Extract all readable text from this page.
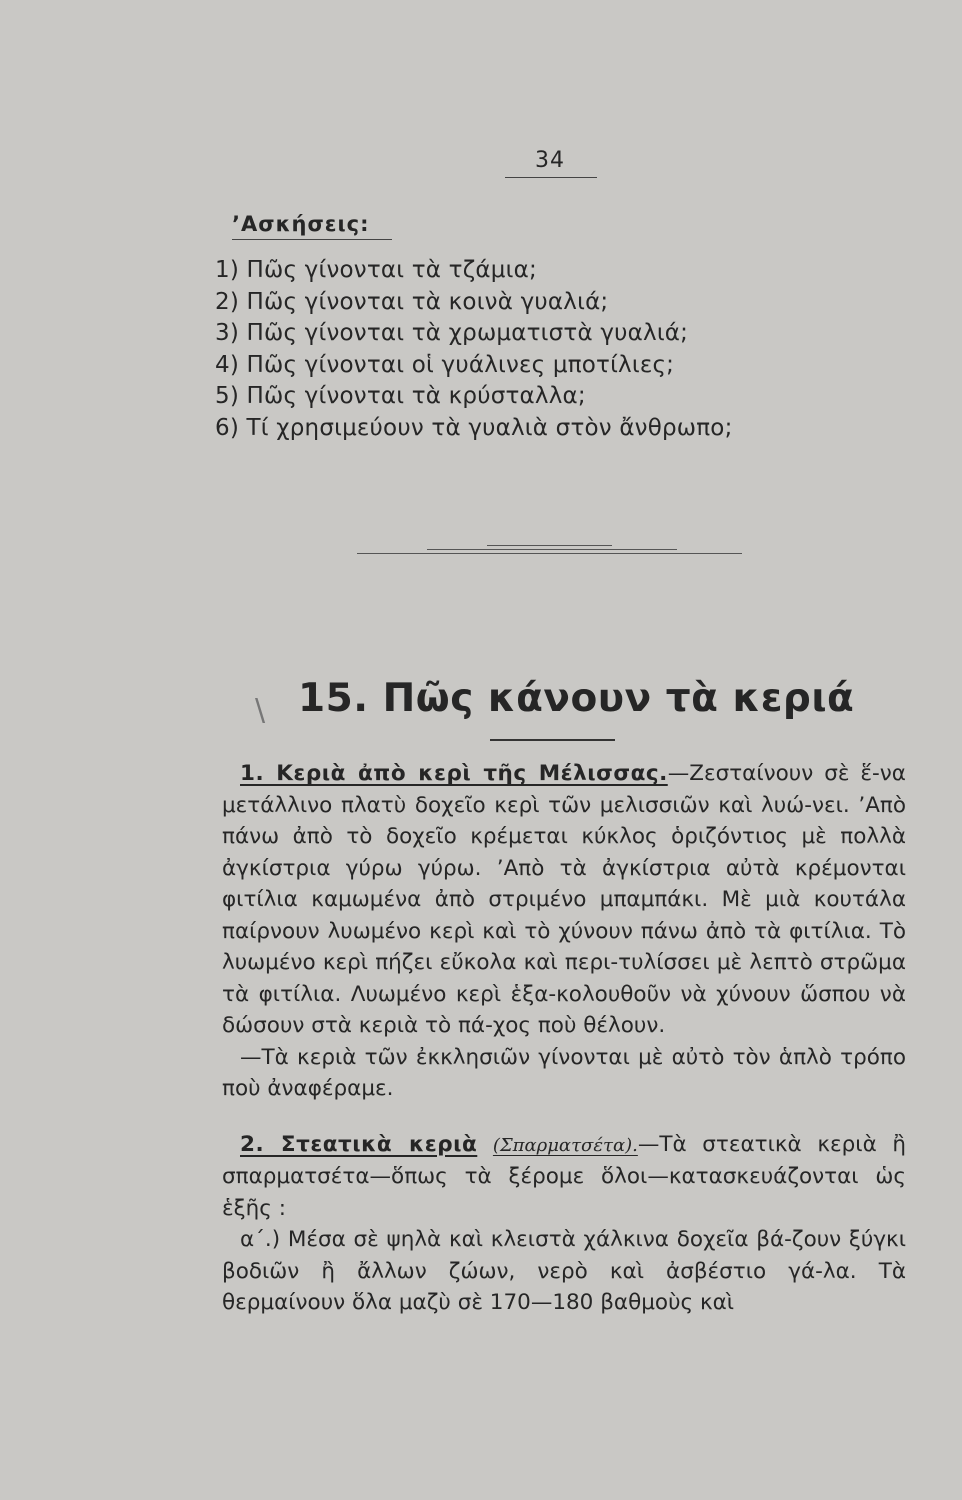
34
’Ασκήσεις:
1) Πῶς γίνονται τὰ τζάμια;
2) Πῶς γίνονται τὰ κοινὰ γυαλιά;
3) Πῶς γίνονται τὰ χρωματιστὰ γυαλιά;
4) Πῶς γίνονται οἱ γυάλινες μποτίλιες;
5) Πῶς γίνονται τὰ κρύσταλλα;
6) Τί χρησιμεύουν τὰ γυαλιὰ στὸν ἄνθρωπο;
\ 15. Πῶς κάνουν τὰ κεριά

1. Κεριὰ ἀπὸ κερὶ τῆς Μέλισσας.—Ζεσταίνουν σὲ ἕ-να μετάλλινο πλατὺ δοχεῖο κερὶ τῶν μελισσιῶν καὶ λυώ-νει. ’Απὸ πάνω ἀπὸ τὸ δοχεῖο κρέμεται κύκλος ὁριζόντιος μὲ πολλὰ ἀγκίστρια γύρω γύρω. ’Απὸ τὰ ἀγκίστρια αὐτὰ κρέμονται φιτίλια καμωμένα ἀπὸ στριμένο μπαμπάκι. Μὲ μιὰ κουτάλα παίρνουν λυωμένο κερὶ καὶ τὸ χύνουν πάνω ἀπὸ τὰ φιτίλια. Τὸ λυωμένο κερὶ πήζει εὔκολα καὶ περι-τυλίσσει μὲ λεπτὸ στρῶμα τὰ φιτίλια. Λυωμένο κερὶ ἑξα-κολουθοῦν νὰ χύνουν ὥσπου νὰ δώσουν στὰ κεριὰ τὸ πά-χος ποὺ θέλουν.

—Τὰ κεριὰ τῶν ἐκκλησιῶν γίνονται μὲ αὐτὸ τὸν ἁπλὸ τρόπο ποὺ ἀναφέραμε.

2. Στεατικὰ κεριὰ (Σπαρματσέτα).—Τὰ στεατικὰ κεριὰ ἢ σπαρματσέτα—ὅπως τὰ ξέρομε ὅλοι—κατασκευάζονται ὡς ἑξῆς :

α΄.) Μέσα σὲ ψηλὰ καὶ κλειστὰ χάλκινα δοχεῖα βά-ζουν ξύγκι βοδιῶν ἢ ἄλλων ζώων, νερὸ καὶ ἀσβέστιο γά-λα. Τὰ θερμαίνουν ὅλα μαζὺ σὲ 170—180 βαθμοὺς καὶ
